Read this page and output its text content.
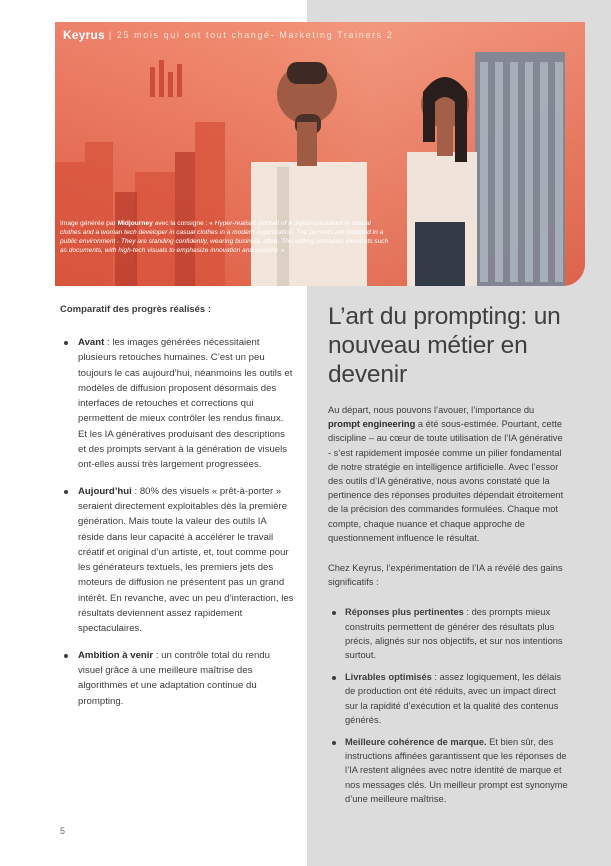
Keyrus | 25 mois qui ont tout changé- Marketing Trainers 2
Image générée par Midjourney avec la consigne : « Hyper-realistic portrait of a digital consultant in casual clothes and a woman tech developer in casual clothes in a modern organization. The persons are depicted in a public environment . They are standing confidently, wearing business attire. The setting combines elements such as documents, with high-tech visuals to emphasize innovation and security. »

Comparatif des progrès réalisés :

Avant : les images générées nécessitaient plusieurs retouches humaines. C’est un peu toujours le cas aujourd’hui, néanmoins les outils et modèles de diffusion proposent désormais des interfaces de retouches et corrections qui permettent de mieux contrôler les rendus finaux. Et les IA génératives produisant des descriptions et des prompts servant à la génération de visuels ont-elles aussi très largement progressées.
Aujourd’hui : 80% des visuels « prêt-à-porter » seraient directement exploitables dès la première génération. Mais toute la valeur des outils IA réside dans leur capacité à accélérer le travail créatif et original d’un artiste, et, tout comme pour les générateurs textuels, les premiers jets des moteurs de diffusion ne présentent pas un grand intérêt. En revanche, avec un peu d’interaction, les résultats deviennent assez rapidement spectaculaires.
Ambition à venir : un contrôle total du rendu visuel grâce à une meilleure maîtrise des algorithmes et une adaptation continue du prompting.
L’art du prompting: un nouveau métier en devenir

Au départ, nous pouvons l’avouer, l’importance du prompt engineering a été sous-estimée. Pourtant, cette discipline – au cœur de toute utilisation de l’IA générative - s’est rapidement imposée comme un pilier fondamental de notre stratégie en intelligence artificielle. Avec l’essor des outils d’IA générative, nous avons constaté que la pertinence des réponses produites dépendait étroitement de la précision des commandes formulées. Chaque mot compte, chaque nuance et chaque approche de questionnement influence le résultat.

Chez Keyrus, l’expérimentation de l’IA a révélé des gains significatifs :

Réponses plus pertinentes : des prompts mieux construits permettent de générer des résultats plus précis, alignés sur nos objectifs, et sur nos intentions surtout.
Livrables optimisés : assez logiquement, les délais de production ont été réduits, avec un impact direct sur la rapidité d’exécution et la qualité des contenus générés.
Meilleure cohérence de marque. Et bien sûr, des instructions affinées garantissent que les réponses de l’IA restent alignées avec notre identité de marque et nos messages clés. Un meilleur prompt est synonyme d’une meilleure maîtrise.
5
